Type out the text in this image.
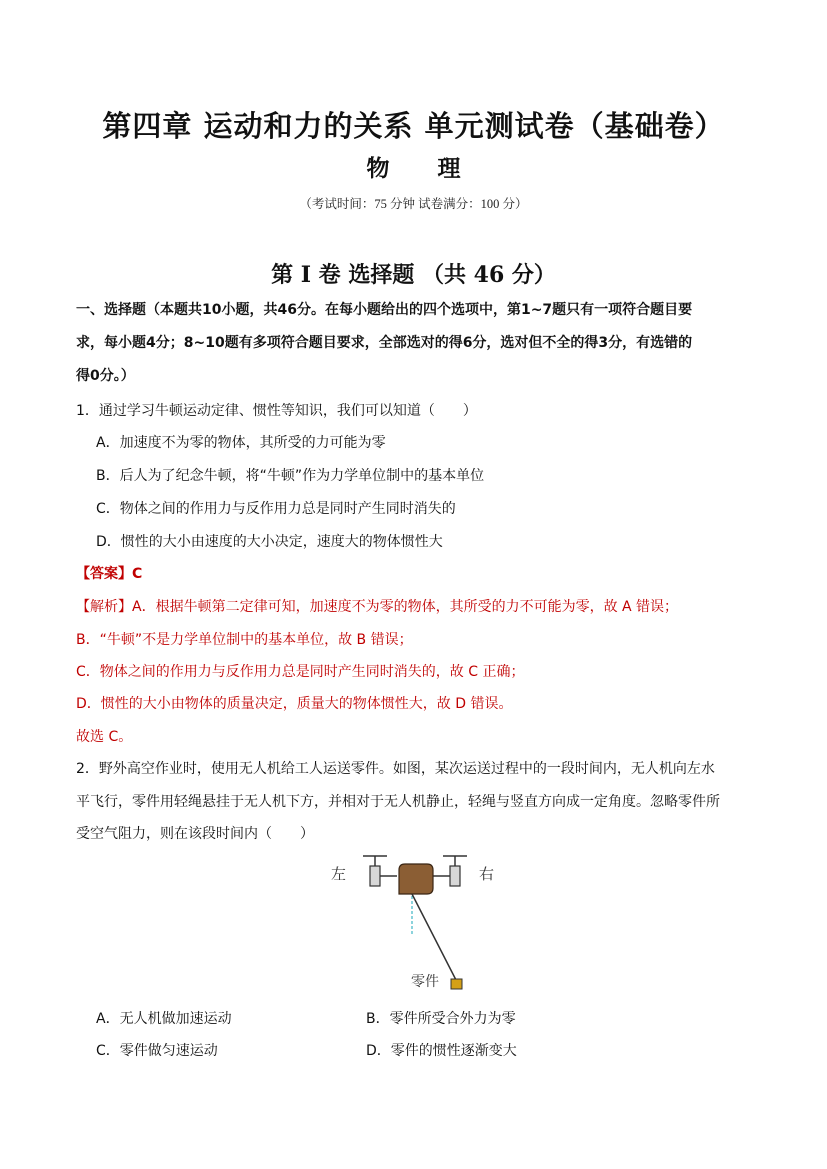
第四章 运动和力的关系 单元测试卷（基础卷）
物 理
（考试时间：75 分钟 试卷满分：100 分）
第 I 卷 选择题 （共 46 分）
一、选择题（本题共10小题，共46分。在每小题给出的四个选项中，第1~7题只有一项符合题目要
求，每小题4分；8~10题有多项符合题目要求，全部选对的得6分，选对但不全的得3分，有选错的
得0分。）
1．通过学习牛顿运动定律、惯性等知识，我们可以知道（　　）
A．加速度不为零的物体，其所受的力可能为零
B．后人为了纪念牛顿，将“牛顿”作为力学单位制中的基本单位
C．物体之间的作用力与反作用力总是同时产生同时消失的
D．惯性的大小由速度的大小决定，速度大的物体惯性大
【答案】C
【解析】A．根据牛顿第二定律可知，加速度不为零的物体，其所受的力不可能为零，故 A 错误；
B．“牛顿”不是力学单位制中的基本单位，故 B 错误；
C．物体之间的作用力与反作用力总是同时产生同时消失的，故 C 正确；
D．惯性的大小由物体的质量决定，质量大的物体惯性大，故 D 错误。
故选 C。
2．野外高空作业时，使用无人机给工人运送零件。如图，某次运送过程中的一段时间内，无人机向左水
平飞行，零件用轻绳悬挂于无人机下方，并相对于无人机静止，轻绳与竖直方向成一定角度。忽略零件所
受空气阻力，则在该段时间内（　　）
左	右
零件
A．无人机做加速运动	B．零件所受合外力为零
C．零件做匀速运动	D．零件的惯性逐渐变大
